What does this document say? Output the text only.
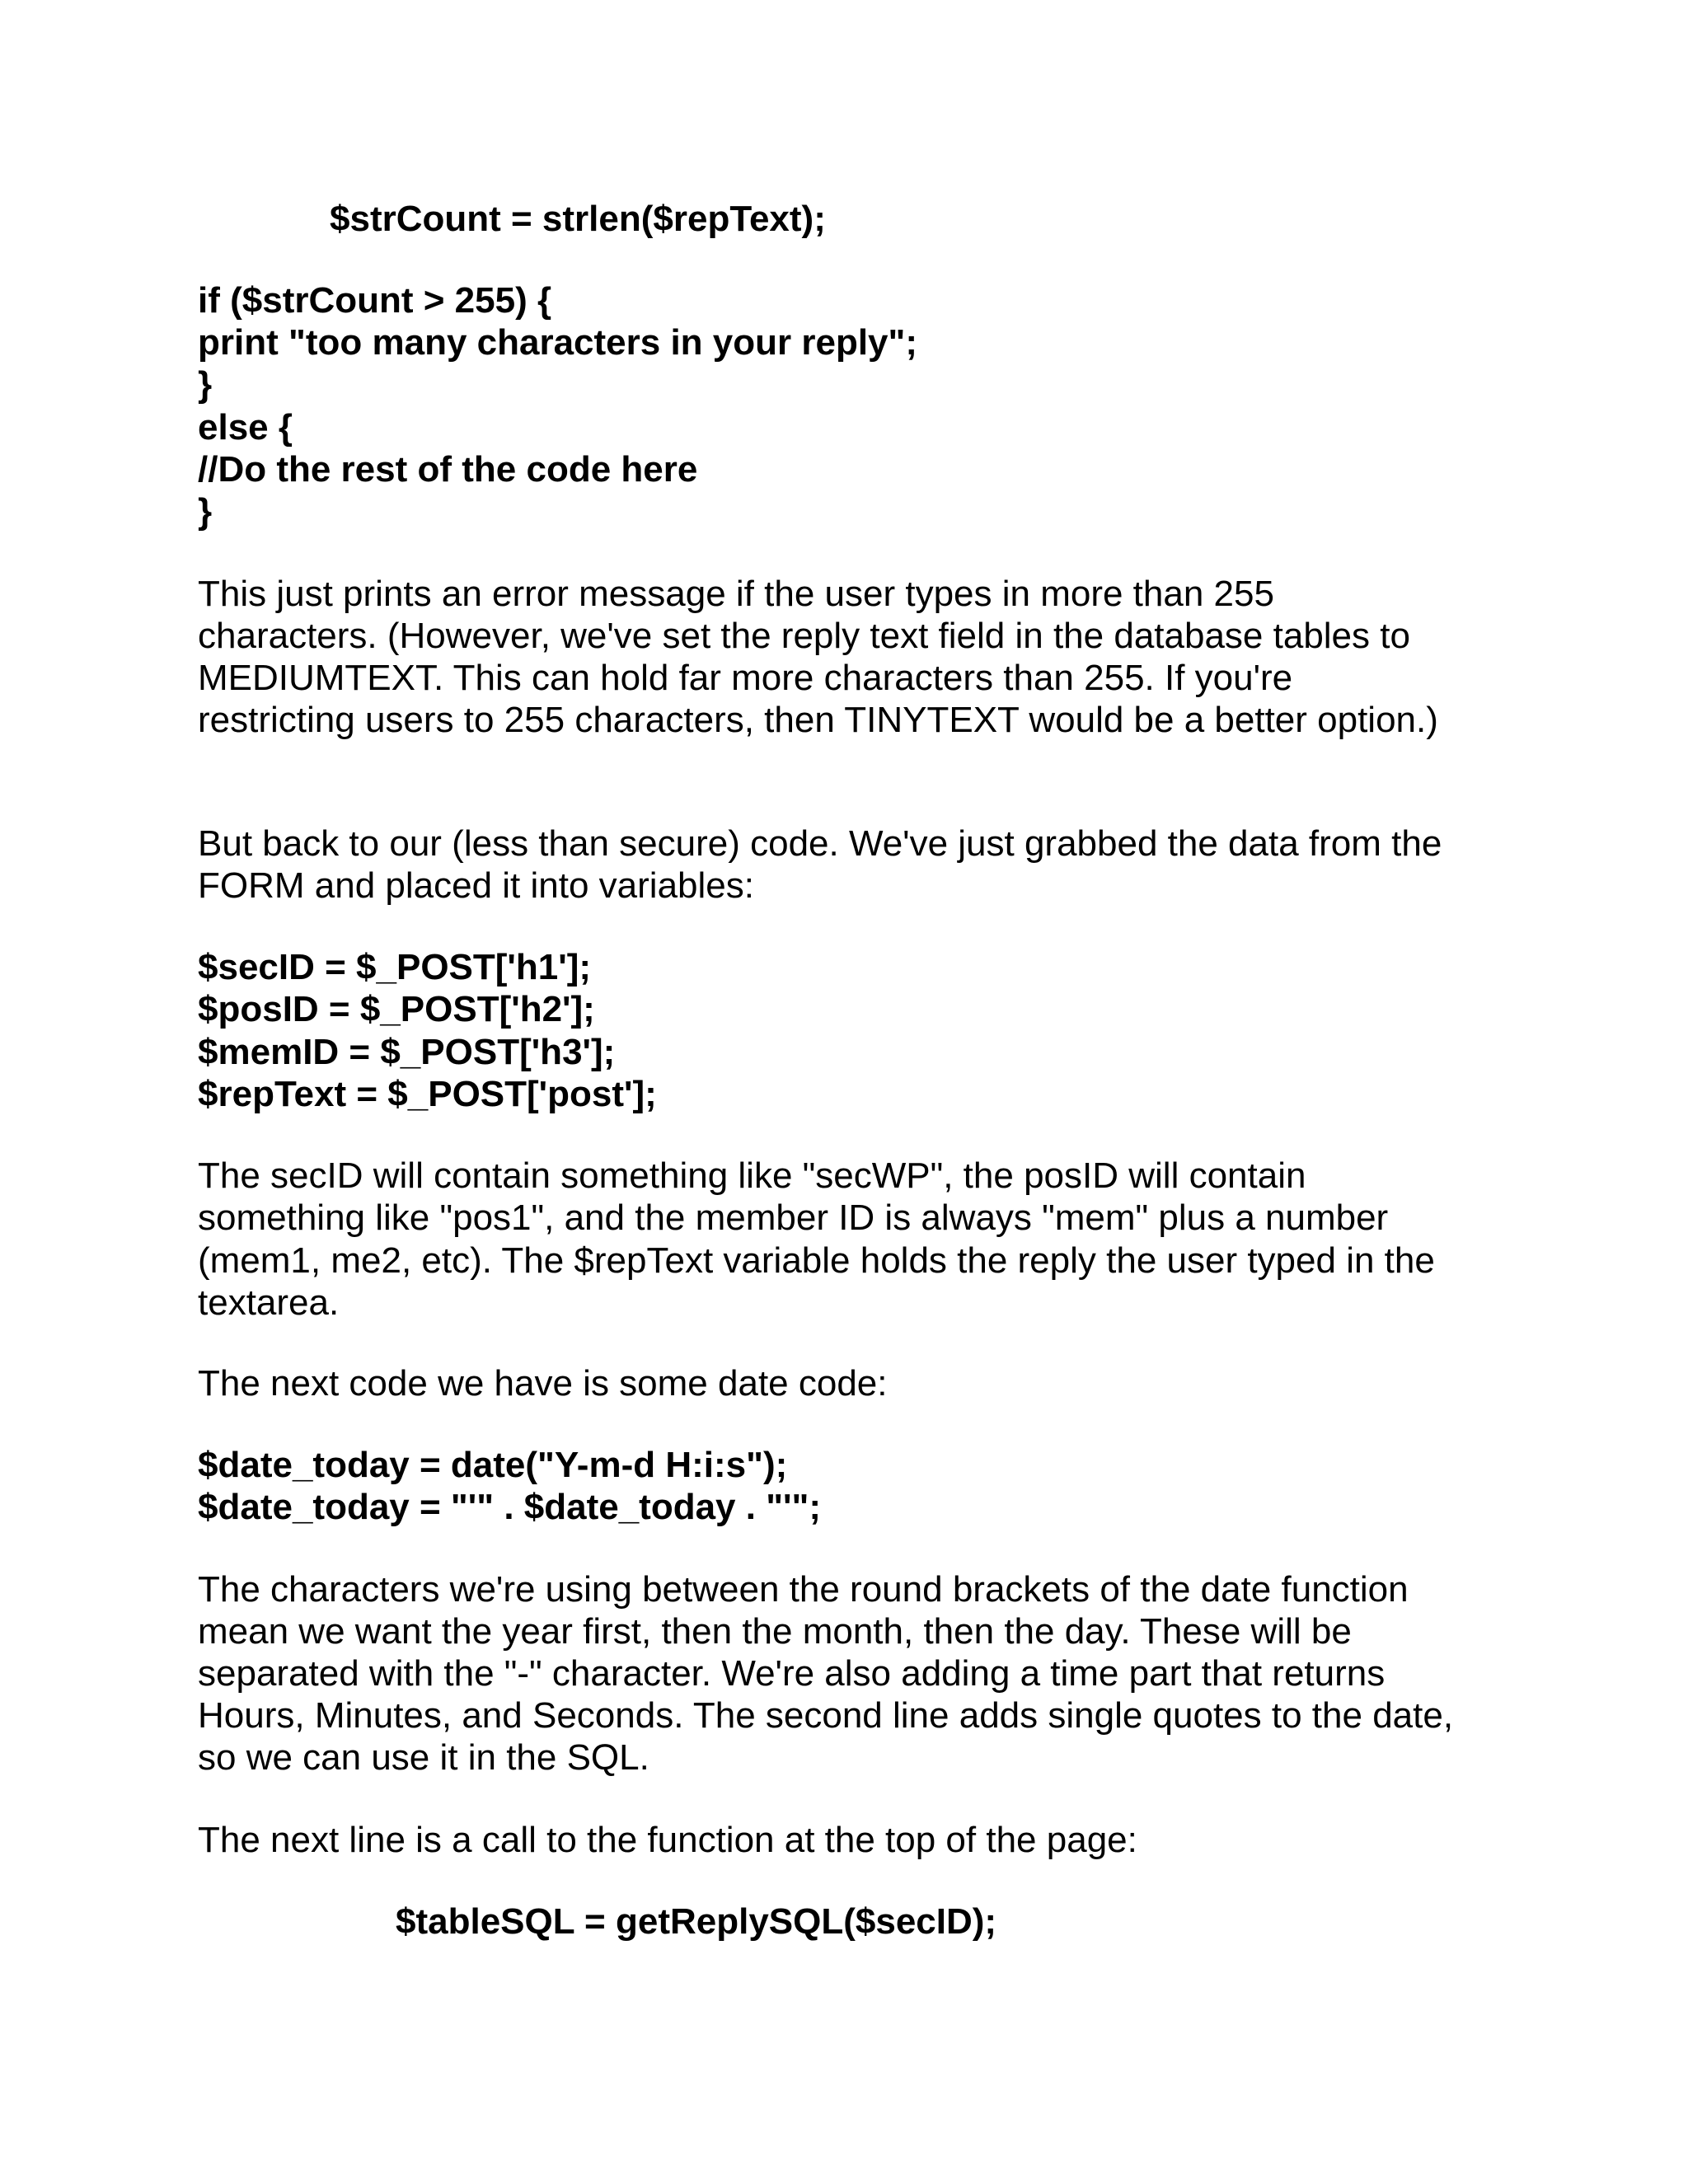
$strCount = strlen($repText);

if ($strCount > 255) {

print "too many characters in your reply";

}

else {

//Do the rest of the code here

}

This just prints an error message if the user types in more than 255

characters. (However, we've set the reply text field in the database tables to

MEDIUMTEXT. This can hold far more characters than 255. If you're

restricting users to 255 characters, then TINYTEXT would be a better option.)

But back to our (less than secure) code. We've just grabbed the data from the

FORM and placed it into variables:

$secID = $_POST['h1'];

$posID = $_POST['h2'];

$memID = $_POST['h3'];

$repText = $_POST['post'];

The secID will contain something like "secWP", the posID will contain

something like "pos1", and the member ID is always "mem" plus a number

(mem1, me2, etc). The $repText variable holds the reply the user typed in the

textarea.

The next code we have is some date code:

$date_today = date("Y-m-d H:i:s");

$date_today = "'" . $date_today . "'";

The characters we're using between the round brackets of the date function

mean we want the year first, then the month, then the day. These will be

separated with the "-" character. We're also adding a time part that returns

Hours, Minutes, and Seconds. The second line adds single quotes to the date,

so we can use it in the SQL.

The next line is a call to the function at the top of the page:

$tableSQL = getReplySQL($secID);
